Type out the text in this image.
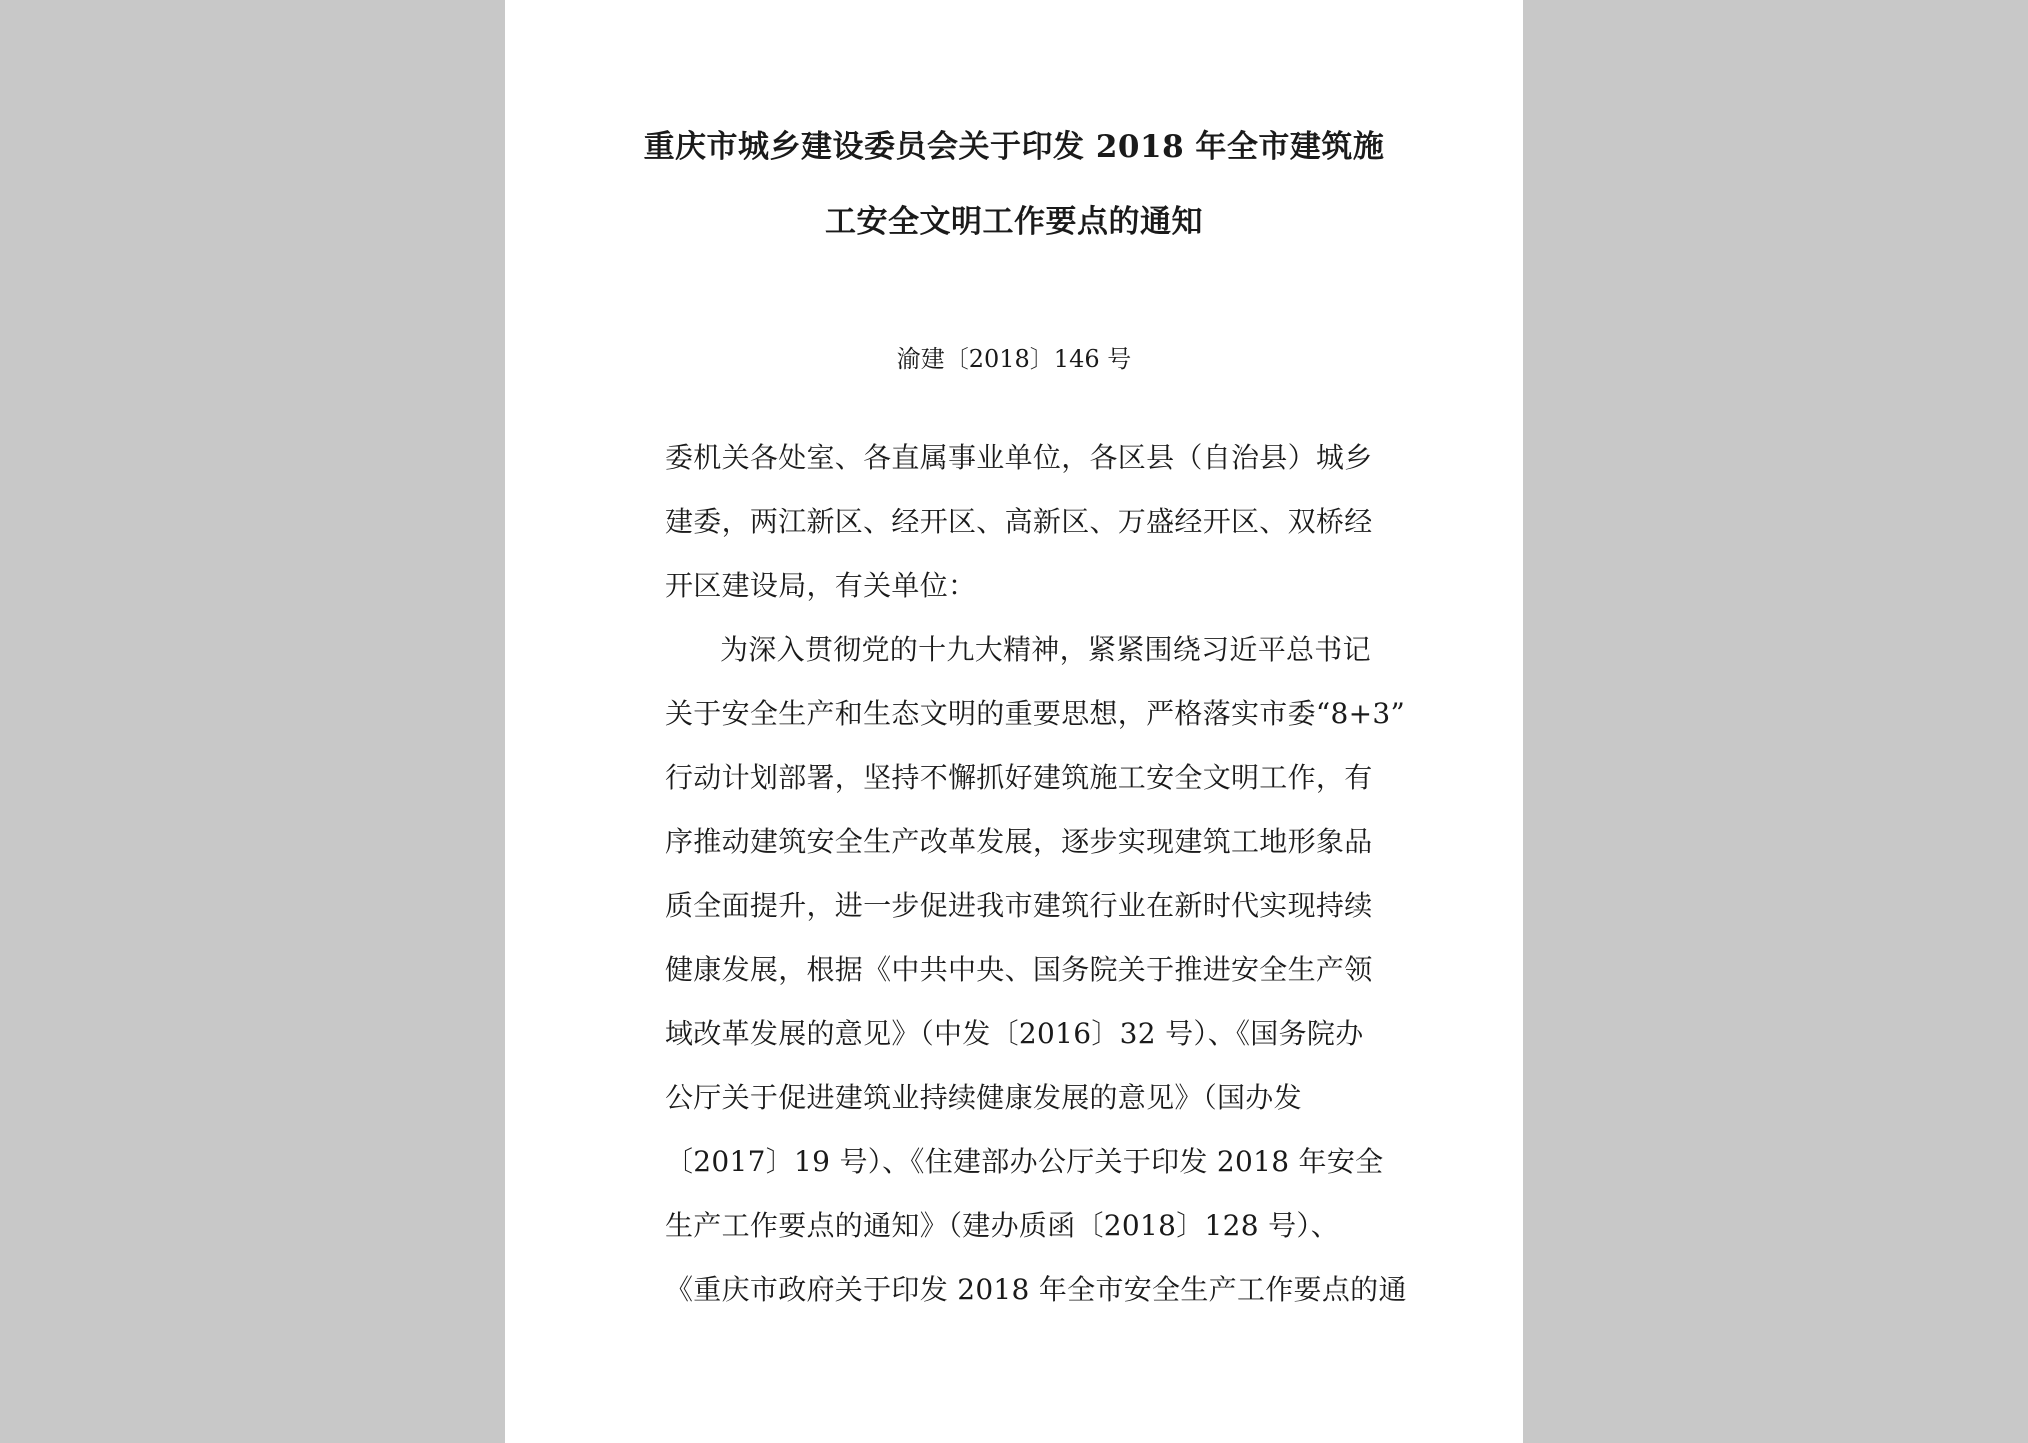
重庆市城乡建设委员会关于印发 2018 年全市建筑施
工安全文明工作要点的通知
渝建〔2018〕146 号
委机关各处室、各直属事业单位，各区县（自治县）城乡
建委，两江新区、经开区、高新区、万盛经开区、双桥经
开区建设局，有关单位：
为深入贯彻党的十九大精神，紧紧围绕习近平总书记
关于安全生产和生态文明的重要思想，严格落实市委“8+3”
行动计划部署，坚持不懈抓好建筑施工安全文明工作，有
序推动建筑安全生产改革发展，逐步实现建筑工地形象品
质全面提升，进一步促进我市建筑行业在新时代实现持续
健康发展，根据《中共中央、国务院关于推进安全生产领
域改革发展的意见》（中发〔2016〕32 号）、《国务院办
公厅关于促进建筑业持续健康发展的意见》（国办发
〔2017〕19 号）、《住建部办公厅关于印发 2018 年安全
生产工作要点的通知》（建办质函〔2018〕128 号）、
《重庆市政府关于印发 2018 年全市安全生产工作要点的通
